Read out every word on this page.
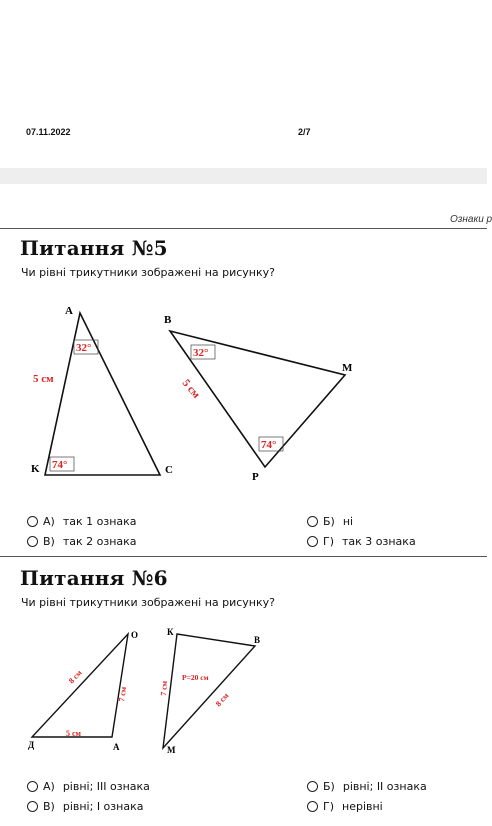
07.11.2022	2/7
Ознаки р
Питання №5
Чи рівні трикутники зображені на рисунку?
A
K	C
5 см
32°
74°
B
M
P
5 см
32°
74°
А) так 1 ознака	Б) ні
В) так 2 ознака	Г) так 3 ознака
Питання №6
Чи рівні трикутники зображені на рисунку?
О
Д	А
8 см
7 см
5 см
К
В
М
7 см
8 см
P=20 см
А) рівні; III ознака	Б) рівні; II ознака
В) рівні; I ознака	Г) нерівні
